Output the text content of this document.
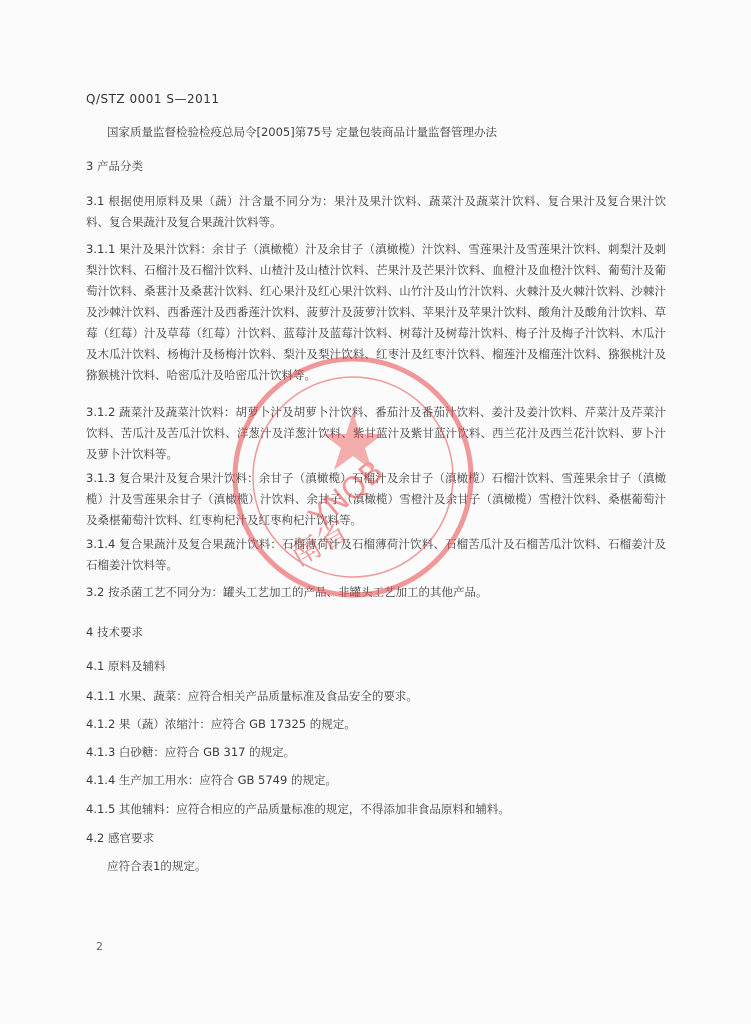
Q/STZ 0001 S—2011
国家质量监督检验检疫总局令[2005]第75号 定量包装商品计量监督管理办法
3 产品分类
3.1 根据使用原料及果（蔬）汁含量不同分为：果汁及果汁饮料、蔬菜汁及蔬菜汁饮料、复合果汁及复合果汁饮料、复合果蔬汁及复合果蔬汁饮料等。
3.1.1 果汁及果汁饮料：余甘子（滇橄榄）汁及余甘子（滇橄榄）汁饮料、雪莲果汁及雪莲果汁饮料、刺梨汁及刺梨汁饮料、石榴汁及石榴汁饮料、山楂汁及山楂汁饮料、芒果汁及芒果汁饮料、血橙汁及血橙汁饮料、葡萄汁及葡萄汁饮料、桑葚汁及桑葚汁饮料、红心果汁及红心果汁饮料、山竹汁及山竹汁饮料、火棘汁及火棘汁饮料、沙棘汁及沙棘汁饮料、西番莲汁及西番莲汁饮料、菠萝汁及菠萝汁饮料、苹果汁及苹果汁饮料、酸角汁及酸角汁饮料、草莓（红莓）汁及草莓（红莓）汁饮料、蓝莓汁及蓝莓汁饮料、树莓汁及树莓汁饮料、梅子汁及梅子汁饮料、木瓜汁及木瓜汁饮料、杨梅汁及杨梅汁饮料、梨汁及梨汁饮料、红枣汁及红枣汁饮料、榴莲汁及榴莲汁饮料、猕猴桃汁及猕猴桃汁饮料、哈密瓜汁及哈密瓜汁饮料等。
3.1.2 蔬菜汁及蔬菜汁饮料：胡萝卜汁及胡萝卜汁饮料、番茄汁及番茄汁饮料、姜汁及姜汁饮料、芹菜汁及芹菜汁饮料、苦瓜汁及苦瓜汁饮料、洋葱汁及洋葱汁饮料、紫甘蓝汁及紫甘蓝汁饮料、西兰花汁及西兰花汁饮料、萝卜汁及萝卜汁饮料等。
3.1.3 复合果汁及复合果汁饮料：余甘子（滇橄榄）石榴汁及余甘子（滇橄榄）石榴汁饮料、雪莲果余甘子（滇橄榄）汁及雪莲果余甘子（滇橄榄）汁饮料、余甘子（滇橄榄）雪橙汁及余甘子（滇橄榄）雪橙汁饮料、桑椹葡萄汁及桑椹葡萄汁饮料、红枣枸杞汁及红枣枸杞汁饮料等。
3.1.4 复合果蔬汁及复合果蔬汁饮料：石榴薄荷汁及石榴薄荷汁饮料、石榴苦瓜汁及石榴苦瓜汁饮料、石榴姜汁及石榴姜汁饮料等。
3.2 按杀菌工艺不同分为：罐头工艺加工的产品、非罐头工艺加工的其他产品。
4 技术要求
4.1 原料及辅料
4.1.1 水果、蔬菜：应符合相关产品质量标准及食品安全的要求。
4.1.2 果（蔬）浓缩汁：应符合 GB 17325 的规定。
4.1.3 白砂糖：应符合 GB 317 的规定。
4.1.4 生产加工用水：应符合 GB 5749 的规定。
4.1.5 其他辅料：应符合相应的产品质量标准的规定，不得添加非食品原料和辅料。
4.2 感官要求
应符合表1的规定。
2
YNQB
南省
